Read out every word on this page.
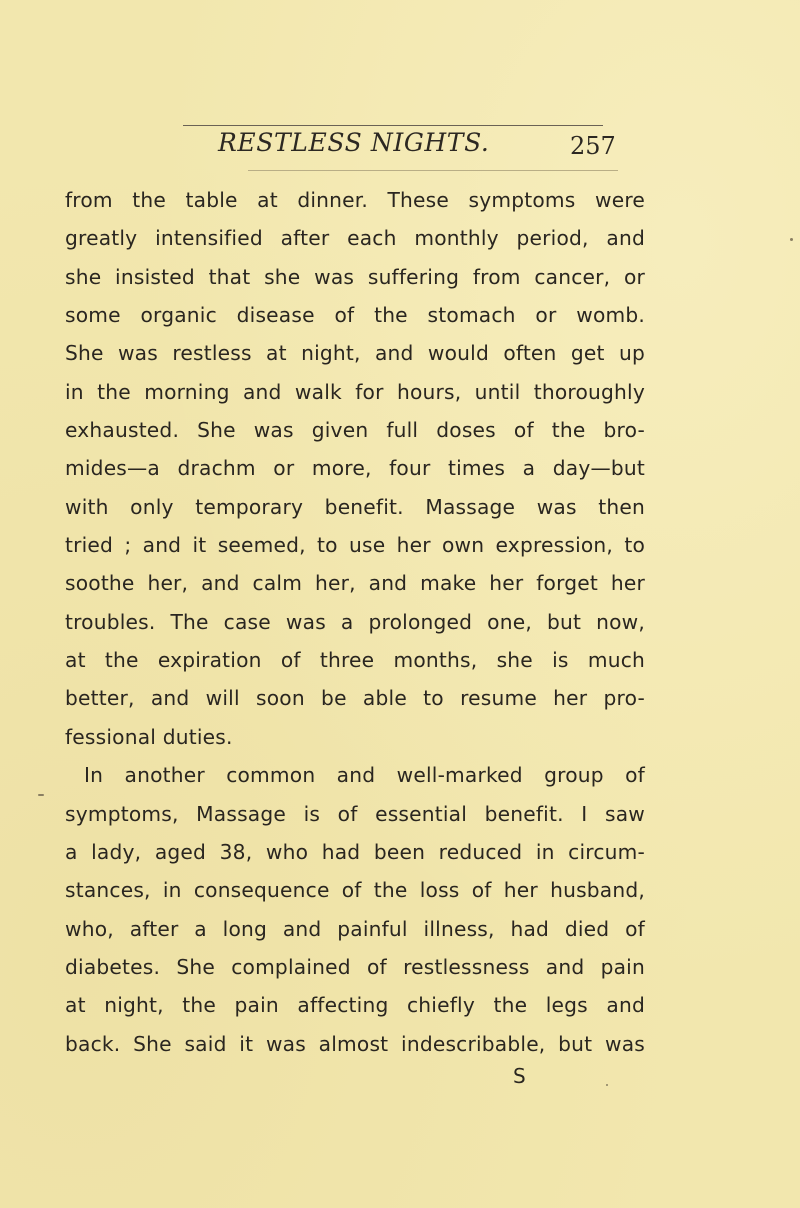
RESTLESS NIGHTS.	257
from the table at dinner. These symptoms were
greatly intensified after each monthly period, and
she insisted that she was suffering from cancer, or
some organic disease of the stomach or womb.
She was restless at night, and would often get up
in the morning and walk for hours, until thoroughly
exhausted. She was given full doses of the bro-
mides—a drachm or more, four times a day—but
with only temporary benefit. Massage was then
tried ; and it seemed, to use her own expression, to
soothe her, and calm her, and make her forget her
troubles. The case was a prolonged one, but now,
at the expiration of three months, she is much
better, and will soon be able to resume her pro-
fessional duties.
In another common and well-marked group of
symptoms, Massage is of essential benefit. I saw
a lady, aged 38, who had been reduced in circum-
stances, in consequence of the loss of her husband,
who, after a long and painful illness, had died of
diabetes. She complained of restlessness and pain
at night, the pain affecting chiefly the legs and
back. She said it was almost indescribable, but was
S
